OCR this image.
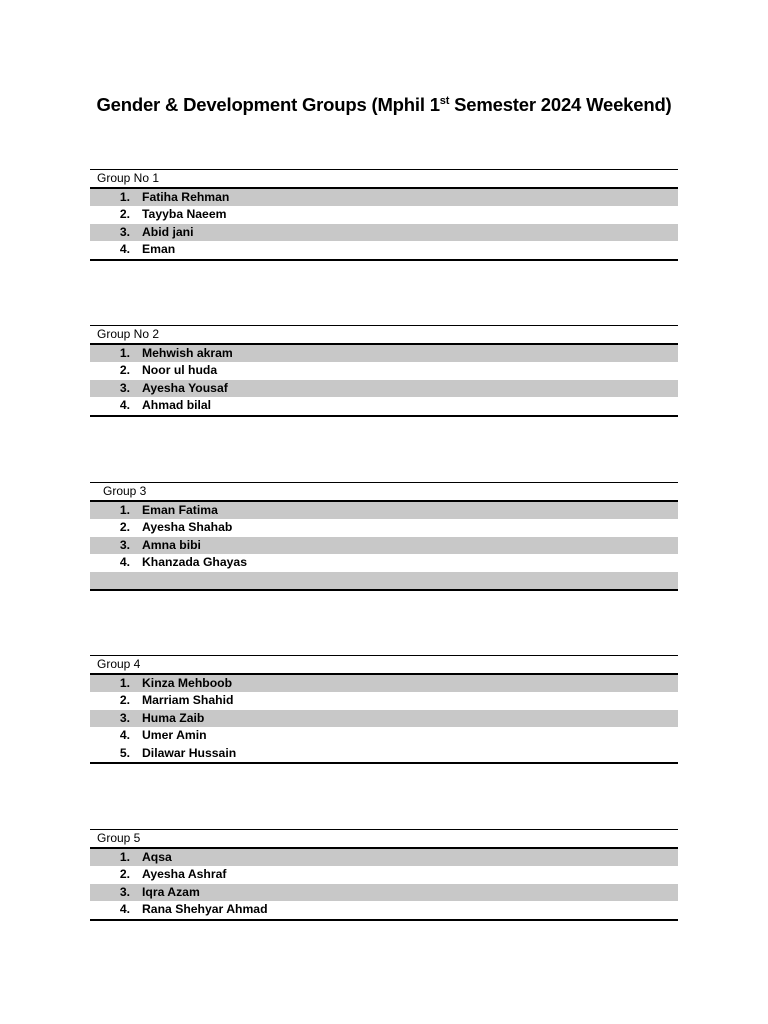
Gender & Development Groups (Mphil 1st Semester 2024 Weekend)
Group No 1
1. Fatiha Rehman
2. Tayyba Naeem
3. Abid jani
4. Eman
Group No 2
1. Mehwish akram
2. Noor ul huda
3. Ayesha Yousaf
4. Ahmad bilal
Group 3
1. Eman Fatima
2. Ayesha Shahab
3. Amna bibi
4. Khanzada Ghayas
Group 4
1. Kinza Mehboob
2. Marriam Shahid
3. Huma Zaib
4. Umer Amin
5. Dilawar Hussain
Group 5
1. Aqsa
2. Ayesha Ashraf
3. Iqra Azam
4. Rana Shehyar Ahmad
